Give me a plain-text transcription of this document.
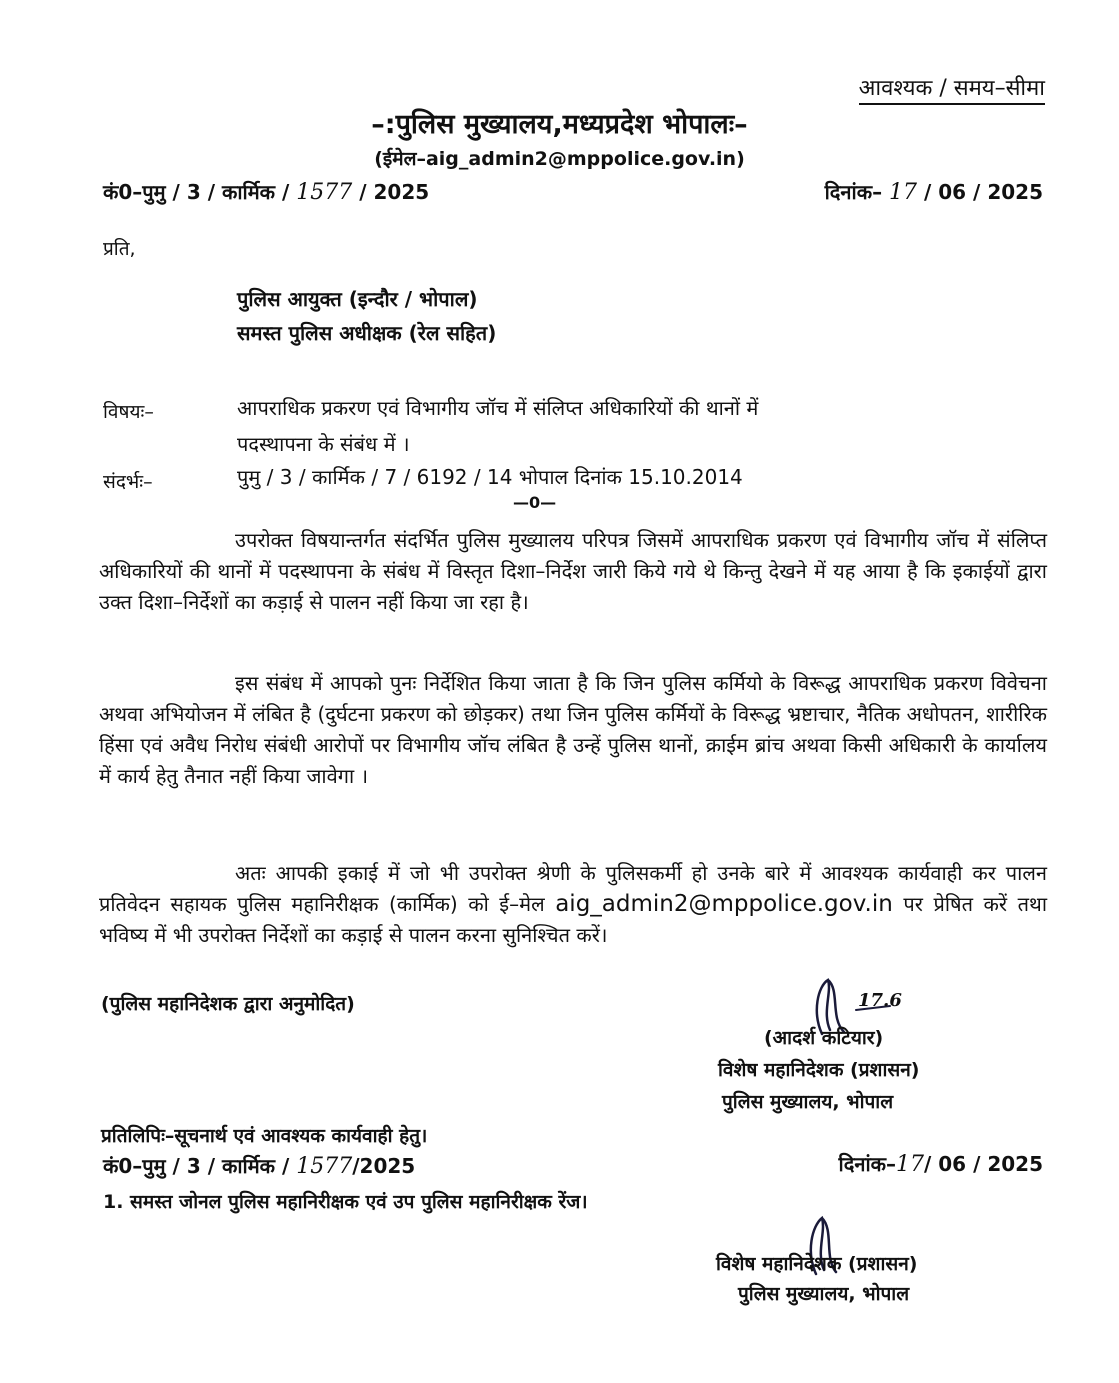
आवश्यक / समय–सीमा
–:पुलिस मुख्यालय,मध्यप्रदेश भोपालः–
(ईमेल–aig_admin2@mppolice.gov.in)
कं0–पुमु / 3 / कार्मिक / 1577 / 2025	दिनांक– 17 / 06 / 2025
प्रति,
पुलिस आयुक्त (इन्दौर / भोपाल)
समस्त पुलिस अधीक्षक (रेल सहित)
विषयः–	आपराधिक प्रकरण एवं विभागीय जॉच में संलिप्त अधिकारियों की थानों में
पदस्थापना के संबंध में ।
संदर्भः–	पुमु / 3 / कार्मिक / 7 / 6192 / 14 भोपाल दिनांक 15.10.2014
—0—

उपरोक्त विषयान्तर्गत संदर्भित पुलिस मुख्यालय परिपत्र जिसमें आपराधिक प्रकरण एवं विभागीय जॉच में संलिप्त अधिकारियों की थानों में पदस्थापना के संबंध में विस्तृत दिशा–निर्देश जारी किये गये थे किन्तु देखने में यह आया है कि इकाईयों द्वारा उक्त दिशा–निर्देशों का कड़ाई से पालन नहीं किया जा रहा है।

इस संबंध में आपको पुनः निर्देशित किया जाता है कि जिन पुलिस कर्मियो के विरूद्ध आपराधिक प्रकरण विवेचना अथवा अभियोजन में लंबित है (दुर्घटना प्रकरण को छोड़कर) तथा जिन पुलिस कर्मियों के विरूद्ध भ्रष्टाचार, नैतिक अधोपतन, शारीरिक हिंसा एवं अवैध निरोध संबंधी आरोपों पर विभागीय जॉच लंबित है उन्हें पुलिस थानों, क्राईम ब्रांच अथवा किसी अधिकारी के कार्यालय में कार्य हेतु तैनात नहीं किया जावेगा ।

अतः आपकी इकाई में जो भी उपरोक्त श्रेणी के पुलिसकर्मी हो उनके बारे में आवश्यक कार्यवाही कर पालन प्रतिवेदन सहायक पुलिस महानिरीक्षक (कार्मिक) को ई–मेल aig_admin2@mppolice.gov.in पर प्रेषित करें तथा भविष्य में भी उपरोक्त निर्देशों का कड़ाई से पालन करना सुनिश्चित करें।

(पुलिस महानिदेशक द्वारा अनुमोदित)	17.6
(आदर्श कटियार)
विशेष महानिदेशक (प्रशासन)
पुलिस मुख्यालय, भोपाल
प्रतिलिपिः–सूचनार्थ एवं आवश्यक कार्यवाही हेतु।
कं0–पुमु / 3 / कार्मिक / 1577/2025	दिनांक–17/ 06 / 2025
1. समस्त जोनल पुलिस महानिरीक्षक एवं उप पुलिस महानिरीक्षक रेंज।
विशेष महानिदेशक (प्रशासन)
पुलिस मुख्यालय, भोपाल
